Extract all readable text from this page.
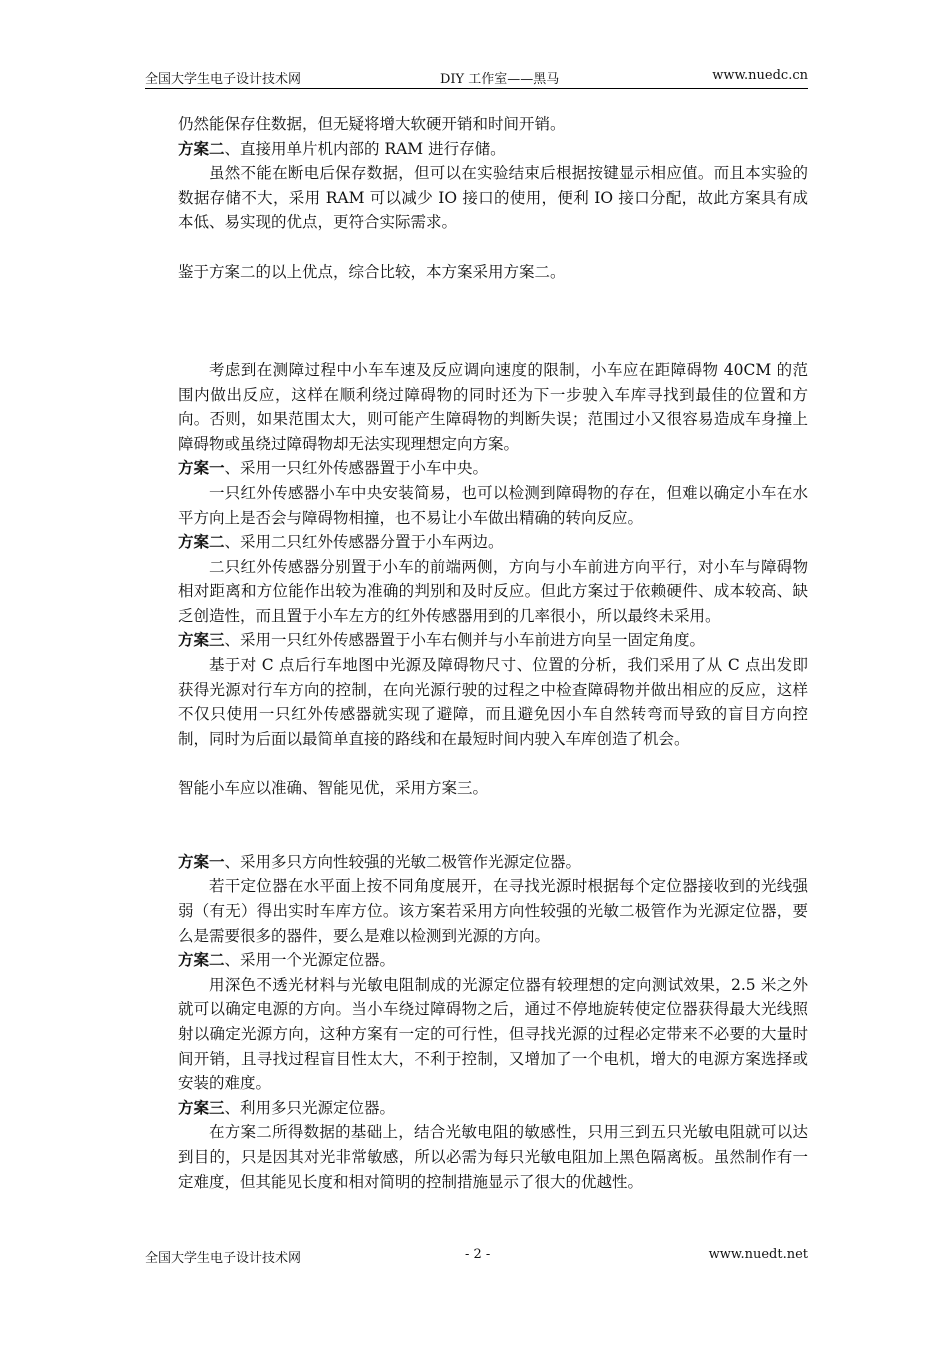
全国大学生电子设计技术网	DIY 工作室——黑马	www.nuedc.cn

仍然能保存住数据，但无疑将增大软硬开销和时间开销。

方案二、直接用单片机内部的 RAM 进行存储。

虽然不能在断电后保存数据，但可以在实验结束后根据按键显示相应值。而且本实验的数据存储不大，采用 RAM 可以减少 IO 接口的使用，便利 IO 接口分配，故此方案具有成本低、易实现的优点，更符合实际需求。

鉴于方案二的以上优点，综合比较，本方案采用方案二。

考虑到在测障过程中小车车速及反应调向速度的限制，小车应在距障碍物 40CM 的范围内做出反应，这样在顺利绕过障碍物的同时还为下一步驶入车库寻找到最佳的位置和方向。否则，如果范围太大，则可能产生障碍物的判断失误；范围过小又很容易造成车身撞上障碍物或虽绕过障碍物却无法实现理想定向方案。

方案一、采用一只红外传感器置于小车中央。

一只红外传感器小车中央安装简易，也可以检测到障碍物的存在，但难以确定小车在水平方向上是否会与障碍物相撞，也不易让小车做出精确的转向反应。

方案二、采用二只红外传感器分置于小车两边。

二只红外传感器分别置于小车的前端两侧，方向与小车前进方向平行，对小车与障碍物相对距离和方位能作出较为准确的判别和及时反应。但此方案过于依赖硬件、成本较高、缺乏创造性，而且置于小车左方的红外传感器用到的几率很小，所以最终未采用。

方案三、采用一只红外传感器置于小车右侧并与小车前进方向呈一固定角度。

基于对 C 点后行车地图中光源及障碍物尺寸、位置的分析，我们采用了从 C 点出发即获得光源对行车方向的控制，在向光源行驶的过程之中检查障碍物并做出相应的反应，这样不仅只使用一只红外传感器就实现了避障，而且避免因小车自然转弯而导致的盲目方向控制，同时为后面以最简单直接的路线和在最短时间内驶入车库创造了机会。

智能小车应以准确、智能见优，采用方案三。

方案一、采用多只方向性较强的光敏二极管作光源定位器。

若干定位器在水平面上按不同角度展开，在寻找光源时根据每个定位器接收到的光线强弱（有无）得出实时车库方位。该方案若采用方向性较强的光敏二极管作为光源定位器，要么是需要很多的器件，要么是难以检测到光源的方向。

方案二、采用一个光源定位器。

用深色不透光材料与光敏电阻制成的光源定位器有较理想的定向测试效果，2.5 米之外就可以确定电源的方向。当小车绕过障碍物之后，通过不停地旋转使定位器获得最大光线照射以确定光源方向，这种方案有一定的可行性，但寻找光源的过程必定带来不必要的大量时间开销，且寻找过程盲目性太大，不利于控制，又增加了一个电机，增大的电源方案选择或安装的难度。

方案三、利用多只光源定位器。

在方案二所得数据的基础上，结合光敏电阻的敏感性，只用三到五只光敏电阻就可以达到目的，只是因其对光非常敏感，所以必需为每只光敏电阻加上黑色隔离板。虽然制作有一定难度，但其能见长度和相对简明的控制措施显示了很大的优越性。

全国大学生电子设计技术网	- 2 -	www.nuedt.net
